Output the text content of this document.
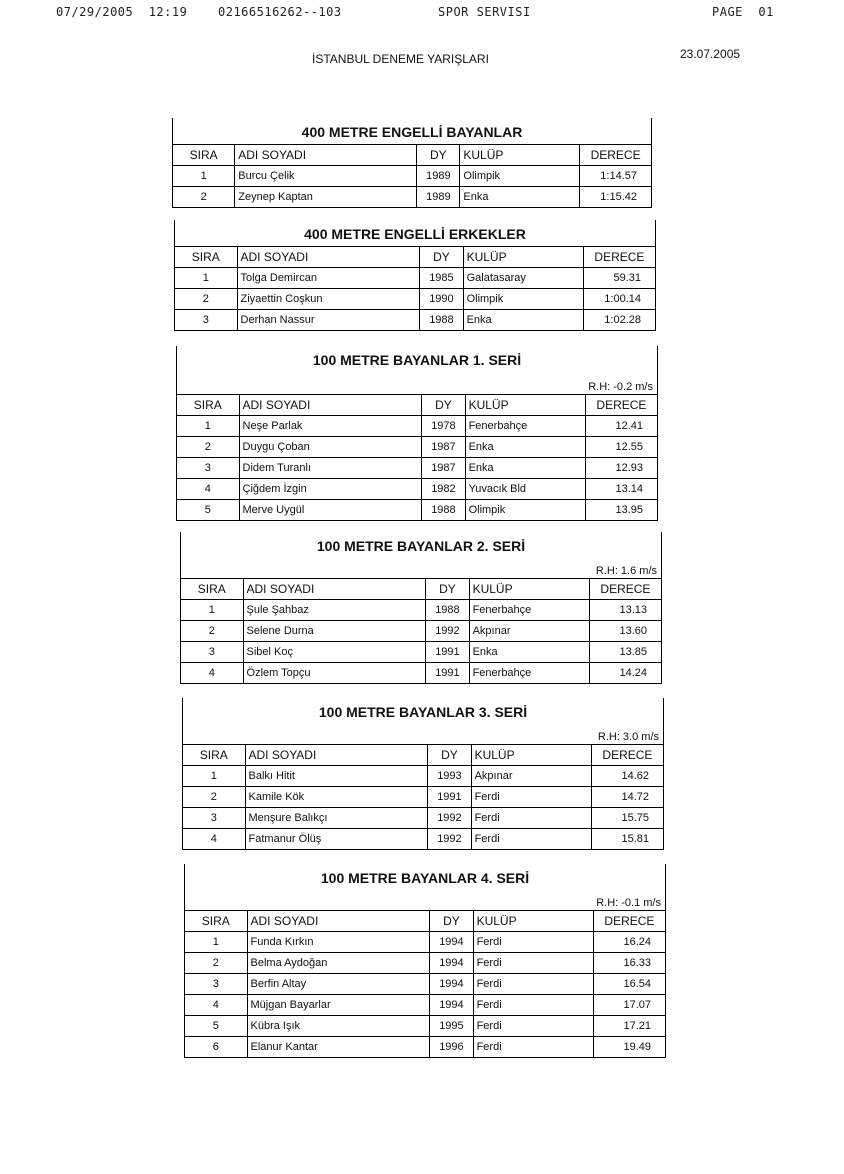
07/29/2005  12:19	02166516262--103	SPOR SERVISI	PAGE  01
İSTANBUL DENEME YARIŞLARI	23.07.2005
400 METRE ENGELLİ BAYANLAR
SIRA	ADI SOYADI	DY	KULÜP	DERECE
1	Burcu Çelik	1989	Olimpik	1:14.57
2	Zeynep Kaptan	1989	Enka	1:15.42
400 METRE ENGELLİ ERKEKLER
SIRA	ADI SOYADI	DY	KULÜP	DERECE
1	Tolga Demircan	1985	Galatasaray	59.31
2	Ziyaettin Coşkun	1990	Olimpik	1:00.14
3	Derhan Nassur	1988	Enka	1:02.28
100 METRE BAYANLAR 1. SERİ
R.H: -0.2 m/s
SIRA	ADI SOYADI	DY	KULÜP	DERECE
1	Neşe Parlak	1978	Fenerbahçe	12.41
2	Duygu Çoban	1987	Enka	12.55
3	Didem Turanlı	1987	Enka	12.93
4	Çiğdem İzgin	1982	Yuvacık Bld	13.14
5	Merve Uygül	1988	Olimpik	13.95
100 METRE BAYANLAR 2. SERİ
R.H: 1.6 m/s
SIRA	ADI SOYADI	DY	KULÜP	DERECE
1	Şule Şahbaz	1988	Fenerbahçe	13.13
2	Selene Durna	1992	Akpınar	13.60
3	Sibel Koç	1991	Enka	13.85
4	Özlem Topçu	1991	Fenerbahçe	14.24
100 METRE BAYANLAR 3. SERİ
R.H: 3.0 m/s
SIRA	ADI SOYADI	DY	KULÜP	DERECE
1	Balkı Hitit	1993	Akpınar	14.62
2	Kamile Kök	1991	Ferdi	14.72
3	Menşure Balıkçı	1992	Ferdi	15.75
4	Fatmanur Ölüş	1992	Ferdi	15.81
100 METRE BAYANLAR 4. SERİ
R.H: -0.1 m/s
SIRA	ADI SOYADI	DY	KULÜP	DERECE
1	Funda Kırkın	1994	Ferdi	16.24
2	Belma Aydoğan	1994	Ferdi	16.33
3	Berfin Altay	1994	Ferdi	16.54
4	Müjgan Bayarlar	1994	Ferdi	17.07
5	Kübra Işık	1995	Ferdi	17.21
6	Elanur Kantar	1996	Ferdi	19.49
